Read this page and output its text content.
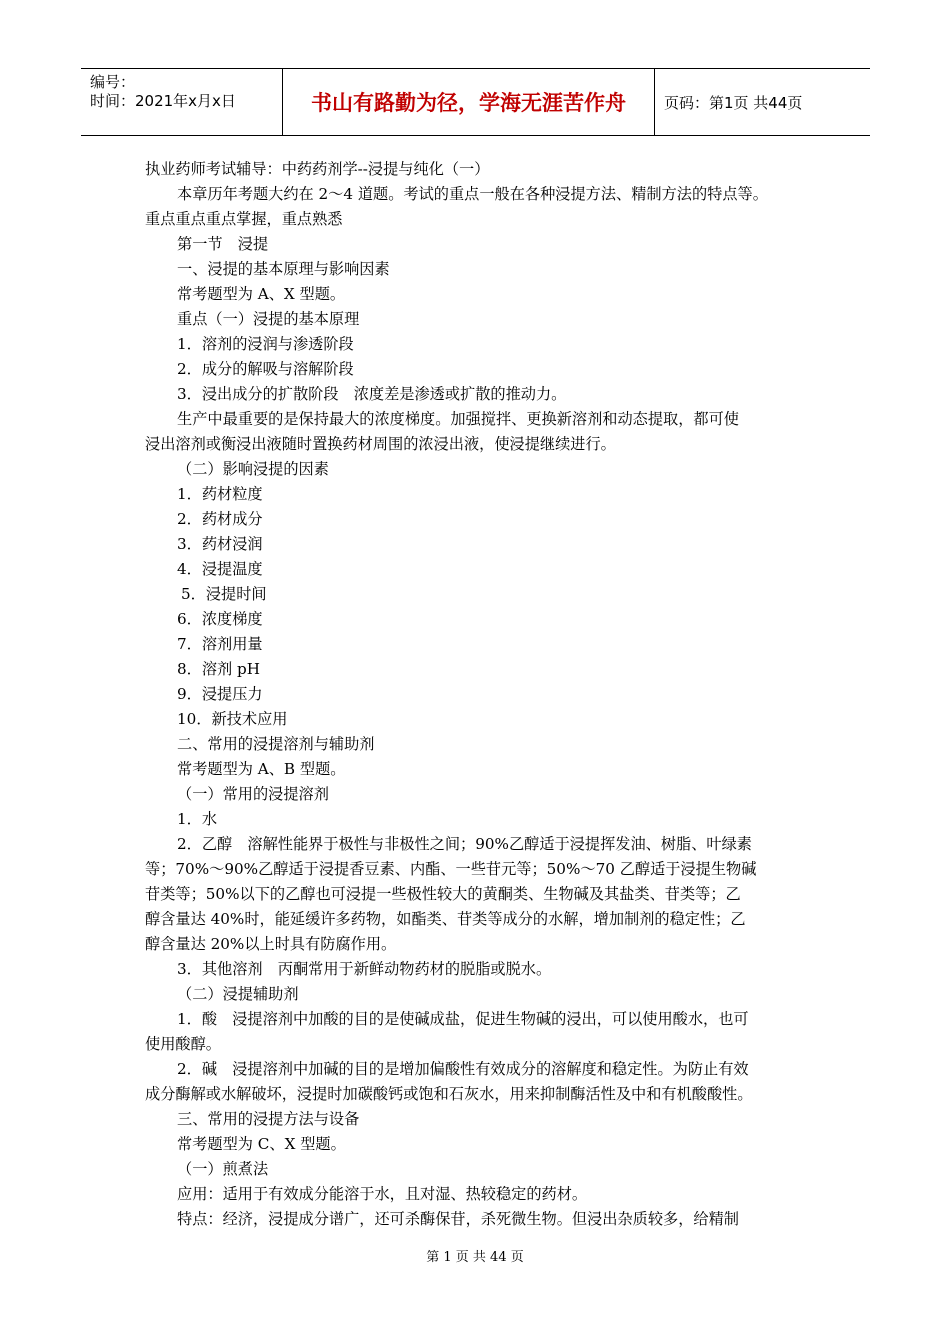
编号：
时间：2021年x月x日	书山有路勤为径，学海无涯苦作舟	页码：第1页 共44页

执业药师考试辅导：中药药剂学--浸提与纯化（一）

本章历年考题大约在 2～4 道题。考试的重点一般在各种浸提方法、精制方法的特点等。

重点重点重点掌握，重点熟悉

第一节　浸提

一、浸提的基本原理与影响因素

常考题型为 A、X 型题。

重点（一）浸提的基本原理

1．溶剂的浸润与渗透阶段

2．成分的解吸与溶解阶段

3．浸出成分的扩散阶段　浓度差是渗透或扩散的推动力。

生产中最重要的是保持最大的浓度梯度。加强搅拌、更换新溶剂和动态提取，都可使

浸出溶剂或衡浸出液随时置换药材周围的浓浸出液，使浸提继续进行。

（二）影响浸提的因素

1．药材粒度

2．药材成分

3．药材浸润

4．浸提温度

5．浸提时间

6．浓度梯度

7．溶剂用量

8．溶剂 pH

9．浸提压力

10．新技术应用

二、常用的浸提溶剂与辅助剂

常考题型为 A、B 型题。

（一）常用的浸提溶剂

1．水

2．乙醇　溶解性能界于极性与非极性之间；90%乙醇适于浸提挥发油、树脂、叶绿素

等；70%～90%乙醇适于浸提香豆素、内酯、一些苷元等；50%～70 乙醇适于浸提生物碱

苷类等；50%以下的乙醇也可浸提一些极性较大的黄酮类、生物碱及其盐类、苷类等；乙

醇含量达 40%时，能延缓许多药物，如酯类、苷类等成分的水解，增加制剂的稳定性；乙

醇含量达 20%以上时具有防腐作用。

3．其他溶剂　丙酮常用于新鲜动物药材的脱脂或脱水。

（二）浸提辅助剂

1．酸　浸提溶剂中加酸的目的是使碱成盐，促进生物碱的浸出，可以使用酸水，也可

使用酸醇。

2．碱　浸提溶剂中加碱的目的是增加偏酸性有效成分的溶解度和稳定性。为防止有效

成分酶解或水解破坏，浸提时加碳酸钙或饱和石灰水，用来抑制酶活性及中和有机酸酸性。

三、常用的浸提方法与设备

常考题型为 C、X 型题。

（一）煎煮法

应用：适用于有效成分能溶于水，且对湿、热较稳定的药材。

特点：经济，浸提成分谱广，还可杀酶保苷，杀死微生物。但浸出杂质较多，给精制

第 1 页 共 44 页
